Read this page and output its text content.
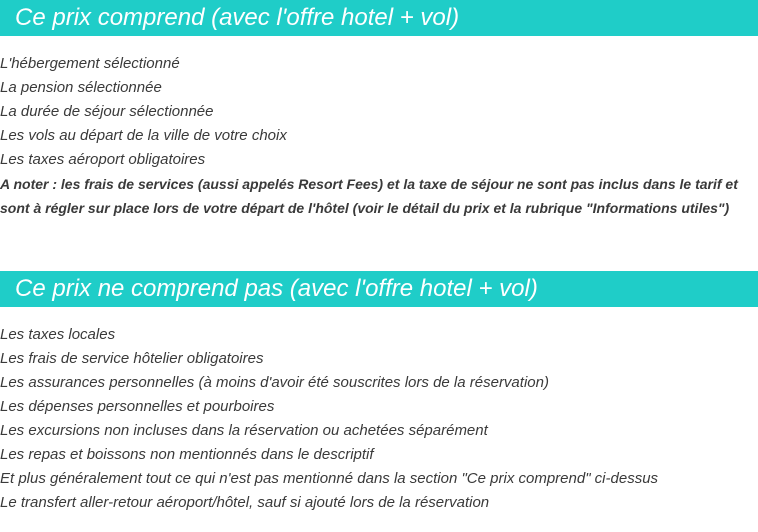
Ce prix comprend (avec l'offre hotel + vol)
L'hébergement sélectionné
La pension sélectionnée
La durée de séjour sélectionnée
Les vols au départ de la ville de votre choix
Les taxes aéroport obligatoires

A noter : les frais de services (aussi appelés Resort Fees) et la taxe de séjour ne sont pas inclus dans le tarif et sont à régler sur place lors de votre départ de l'hôtel (voir le détail du prix et la rubrique "Informations utiles")

Ce prix ne comprend pas (avec l'offre hotel + vol)
Les taxes locales
Les frais de service hôtelier obligatoires
Les assurances personnelles (à moins d'avoir été souscrites lors de la réservation)
Les dépenses personnelles et pourboires
Les excursions non incluses dans la réservation ou achetées séparément
Les repas et boissons non mentionnés dans le descriptif
Et plus généralement tout ce qui n'est pas mentionné dans la section "Ce prix comprend" ci-dessus
Le transfert aller-retour aéroport/hôtel, sauf si ajouté lors de la réservation
